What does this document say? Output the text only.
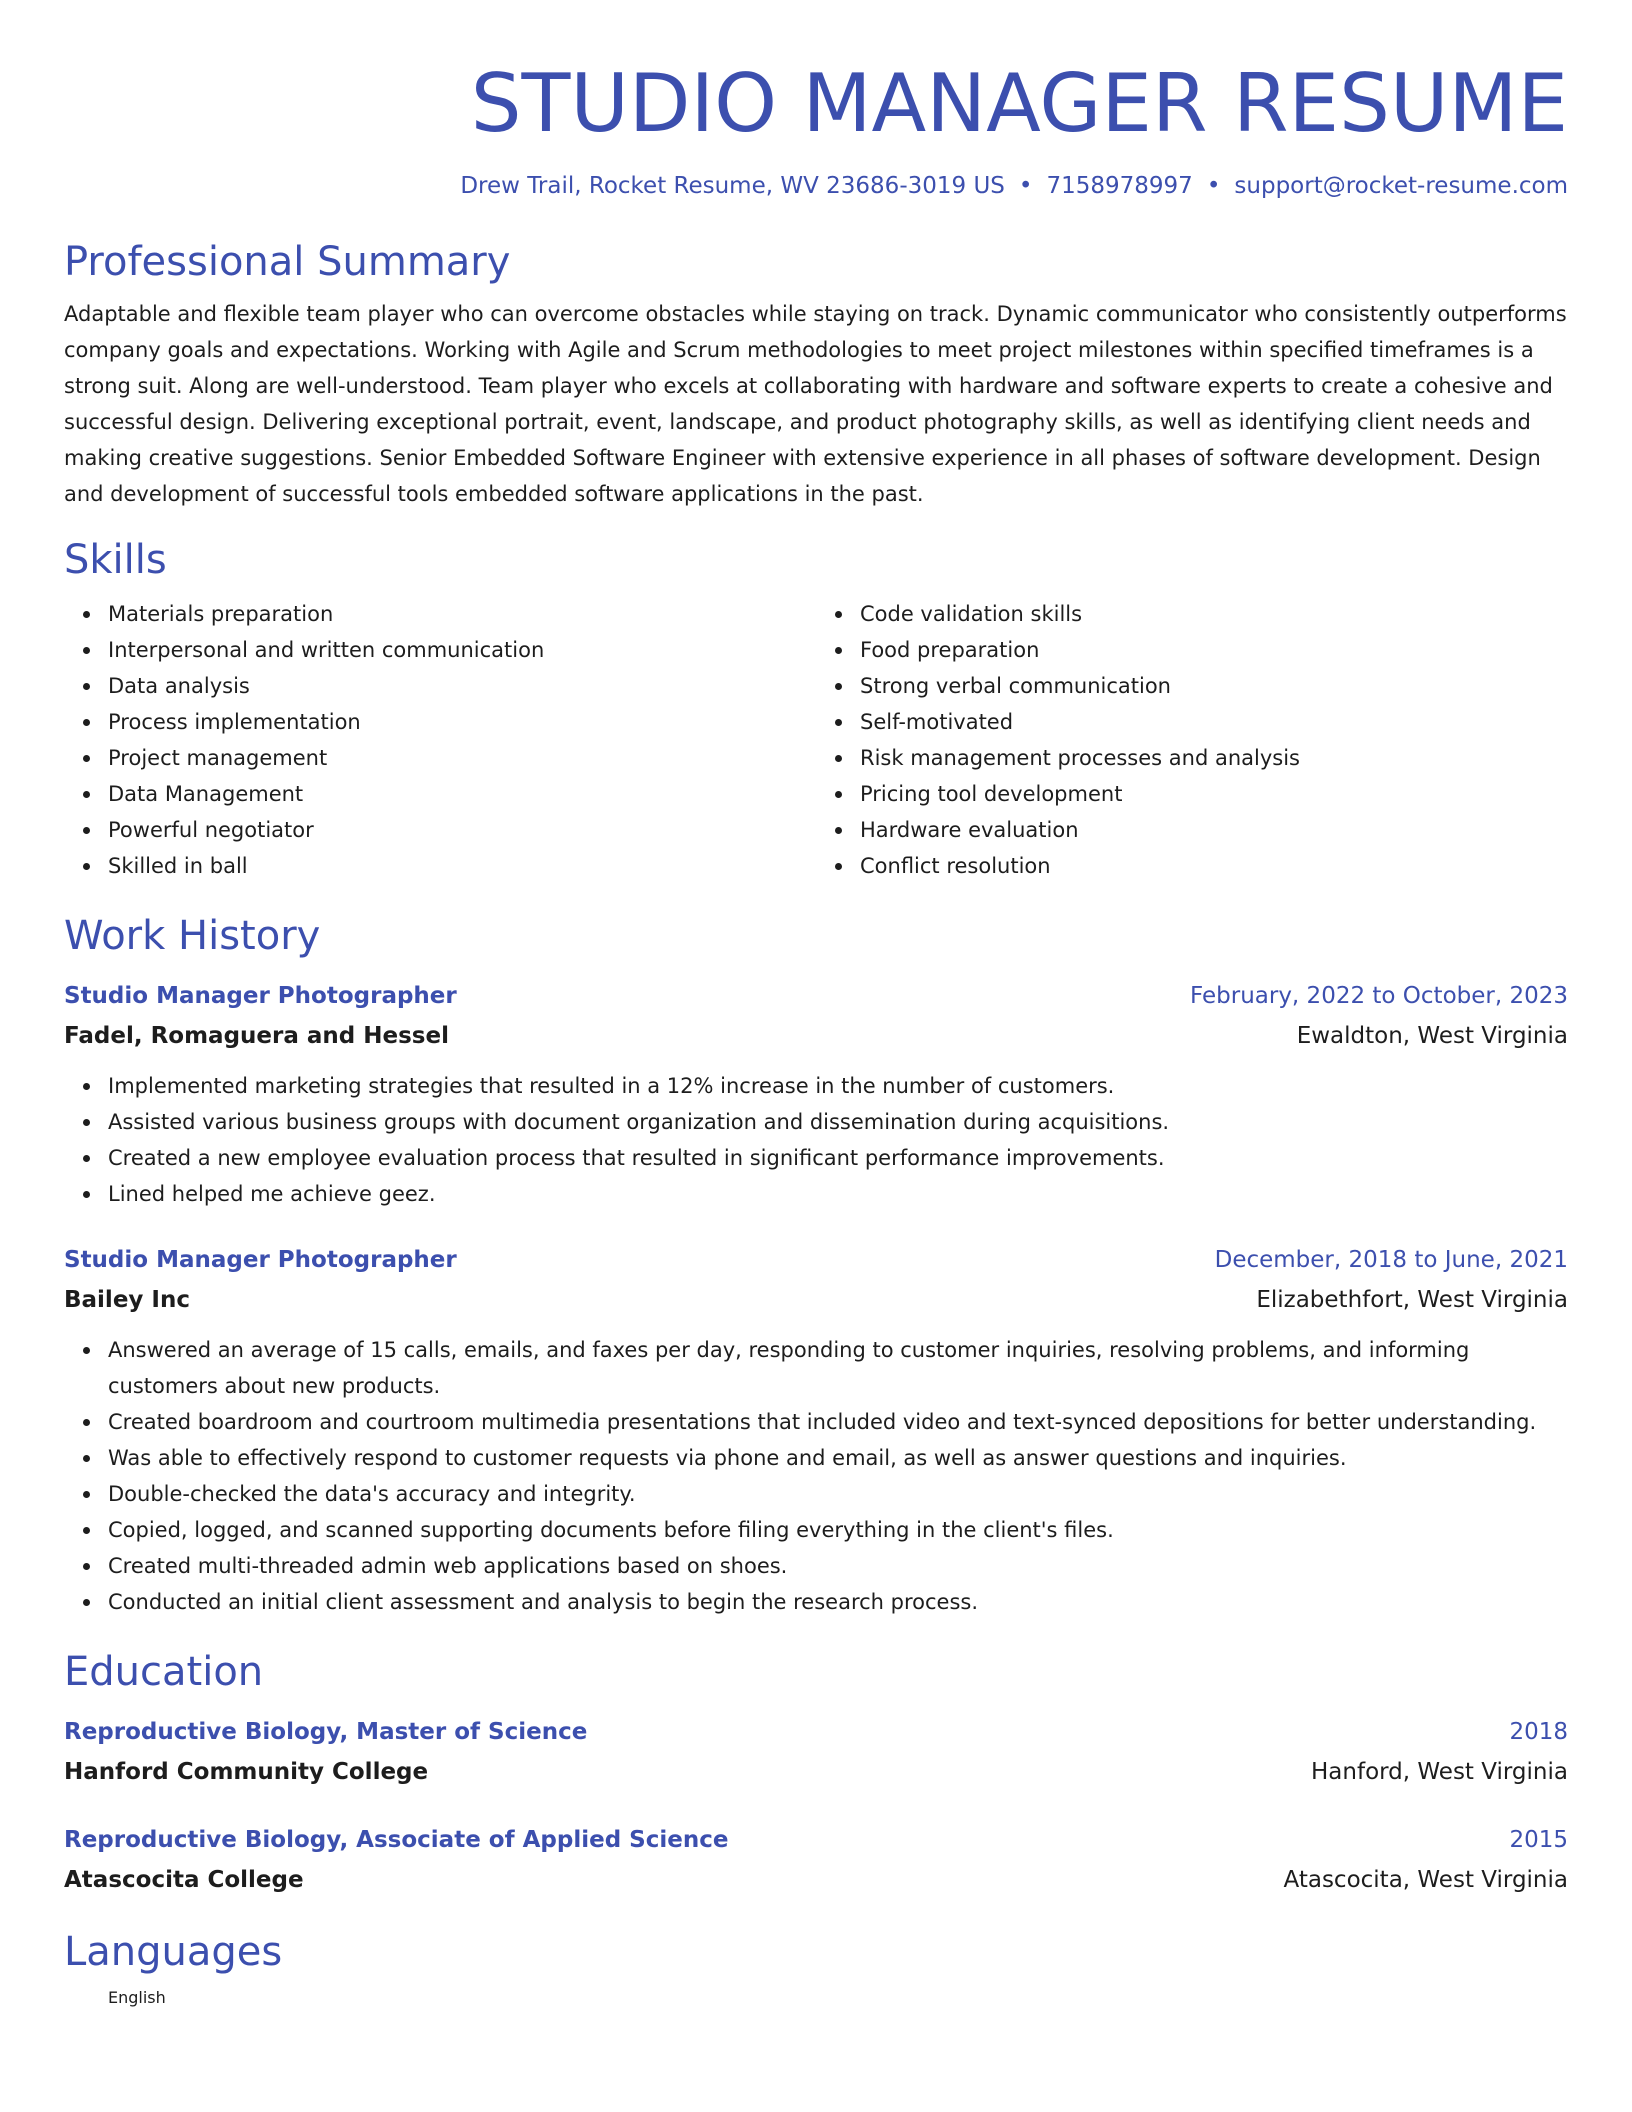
STUDIO MANAGER RESUME
Drew Trail, Rocket Resume, WV 23686-3019 US • 7158978997 • support@rocket-resume.com
Professional Summary
Adaptable and flexible team player who can overcome obstacles while staying on track. Dynamic communicator who consistently outperforms company goals and expectations. Working with Agile and Scrum methodologies to meet project milestones within specified timeframes is a strong suit. Along are well-understood. Team player who excels at collaborating with hardware and software experts to create a cohesive and successful design. Delivering exceptional portrait, event, landscape, and product photography skills, as well as identifying client needs and making creative suggestions. Senior Embedded Software Engineer with extensive experience in all phases of software development. Design and development of successful tools embedded software applications in the past.
Skills
Materials preparation
Interpersonal and written communication
Data analysis
Process implementation
Project management
Data Management
Powerful negotiator
Skilled in ball
Code validation skills
Food preparation
Strong verbal communication
Self-motivated
Risk management processes and analysis
Pricing tool development
Hardware evaluation
Conflict resolution
Work History
Studio Manager Photographer	February, 2022 to October, 2023
Fadel, Romaguera and Hessel	Ewaldton, West Virginia
Implemented marketing strategies that resulted in a 12% increase in the number of customers.
Assisted various business groups with document organization and dissemination during acquisitions.
Created a new employee evaluation process that resulted in significant performance improvements.
Lined helped me achieve geez.
Studio Manager Photographer	December, 2018 to June, 2021
Bailey Inc	Elizabethfort, West Virginia
Answered an average of 15 calls, emails, and faxes per day, responding to customer inquiries, resolving problems, and informing customers about new products.
Created boardroom and courtroom multimedia presentations that included video and text-synced depositions for better understanding.
Was able to effectively respond to customer requests via phone and email, as well as answer questions and inquiries.
Double-checked the data's accuracy and integrity.
Copied, logged, and scanned supporting documents before filing everything in the client's files.
Created multi-threaded admin web applications based on shoes.
Conducted an initial client assessment and analysis to begin the research process.
Education
Reproductive Biology, Master of Science	2018
Hanford Community College	Hanford, West Virginia
Reproductive Biology, Associate of Applied Science	2015
Atascocita College	Atascocita, West Virginia
Languages
English
